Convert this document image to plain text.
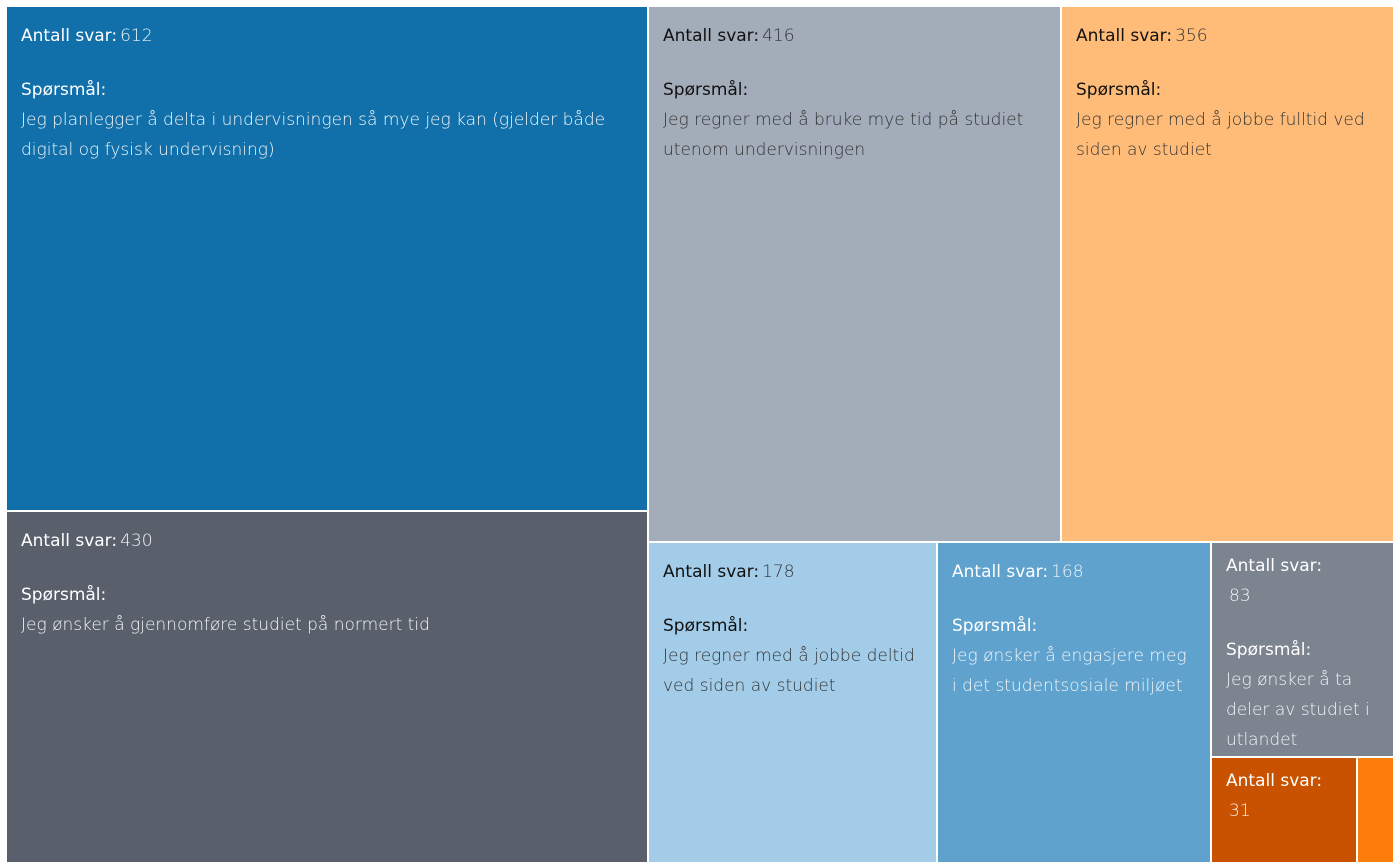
Antall svar: 612
Spørsmål:
Jeg planlegger å delta i undervisningen så mye jeg kan (gjelder både digital og fysisk undervisning)
Antall svar: 430
Spørsmål:
Jeg ønsker å gjennomføre studiet på normert tid
Antall svar: 416
Spørsmål:
Jeg regner med å bruke mye tid på studiet utenom undervisningen
Antall svar: 356
Spørsmål:
Jeg regner med å jobbe fulltid ved siden av studiet
Antall svar: 178
Spørsmål:
Jeg regner med å jobbe deltid ved siden av studiet
Antall svar: 168
Spørsmål:
Jeg ønsker å engasjere meg i det studentsosiale miljøet
Antall svar:
83
Spørsmål:
Jeg ønsker å ta deler av studiet i utlandet
Antall svar:
31
